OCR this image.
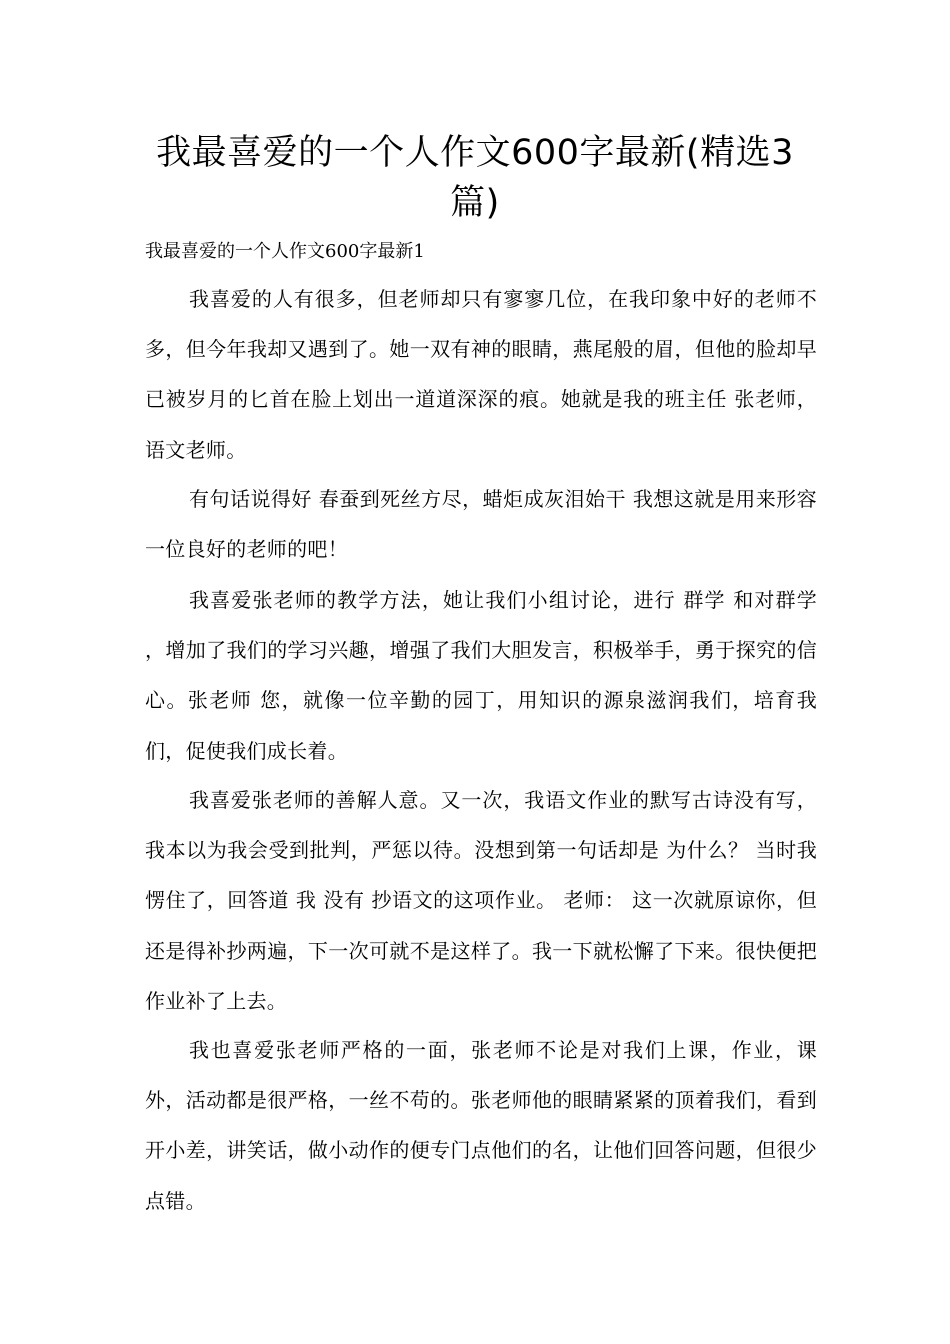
我最喜爱的一个人作文600字最新(精选3篇)

我最喜爱的一个人作文600字最新1

我喜爱的人有很多，但老师却只有寥寥几位，在我印象中好的老师不多，但今年我却又遇到了。她一双有神的眼睛，燕尾般的眉，但他的脸却早已被岁月的匕首在脸上划出一道道深深的痕。她就是我的班主任 张老师，语文老师。

有句话说得好 春蚕到死丝方尽，蜡炬成灰泪始干 我想这就是用来形容一位良好的老师的吧！

我喜爱张老师的教学方法，她让我们小组讨论，进行 群学 和对群学 ，增加了我们的学习兴趣，增强了我们大胆发言，积极举手，勇于探究的信心。张老师 您，就像一位辛勤的园丁，用知识的源泉滋润我们，培育我们，促使我们成长着。

我喜爱张老师的善解人意。又一次，我语文作业的默写古诗没有写，我本以为我会受到批判，严惩以待。没想到第一句话却是 为什么？ 当时我愣住了，回答道 我 没有 抄语文的这项作业。 老师： 这一次就原谅你，但还是得补抄两遍，下一次可就不是这样了。我一下就松懈了下来。很快便把作业补了上去。

我也喜爱张老师严格的一面，张老师不论是对我们上课，作业，课外，活动都是很严格，一丝不苟的。张老师他的眼睛紧紧的顶着我们，看到开小差，讲笑话，做小动作的便专门点他们的名，让他们回答问题，但很少点错。
